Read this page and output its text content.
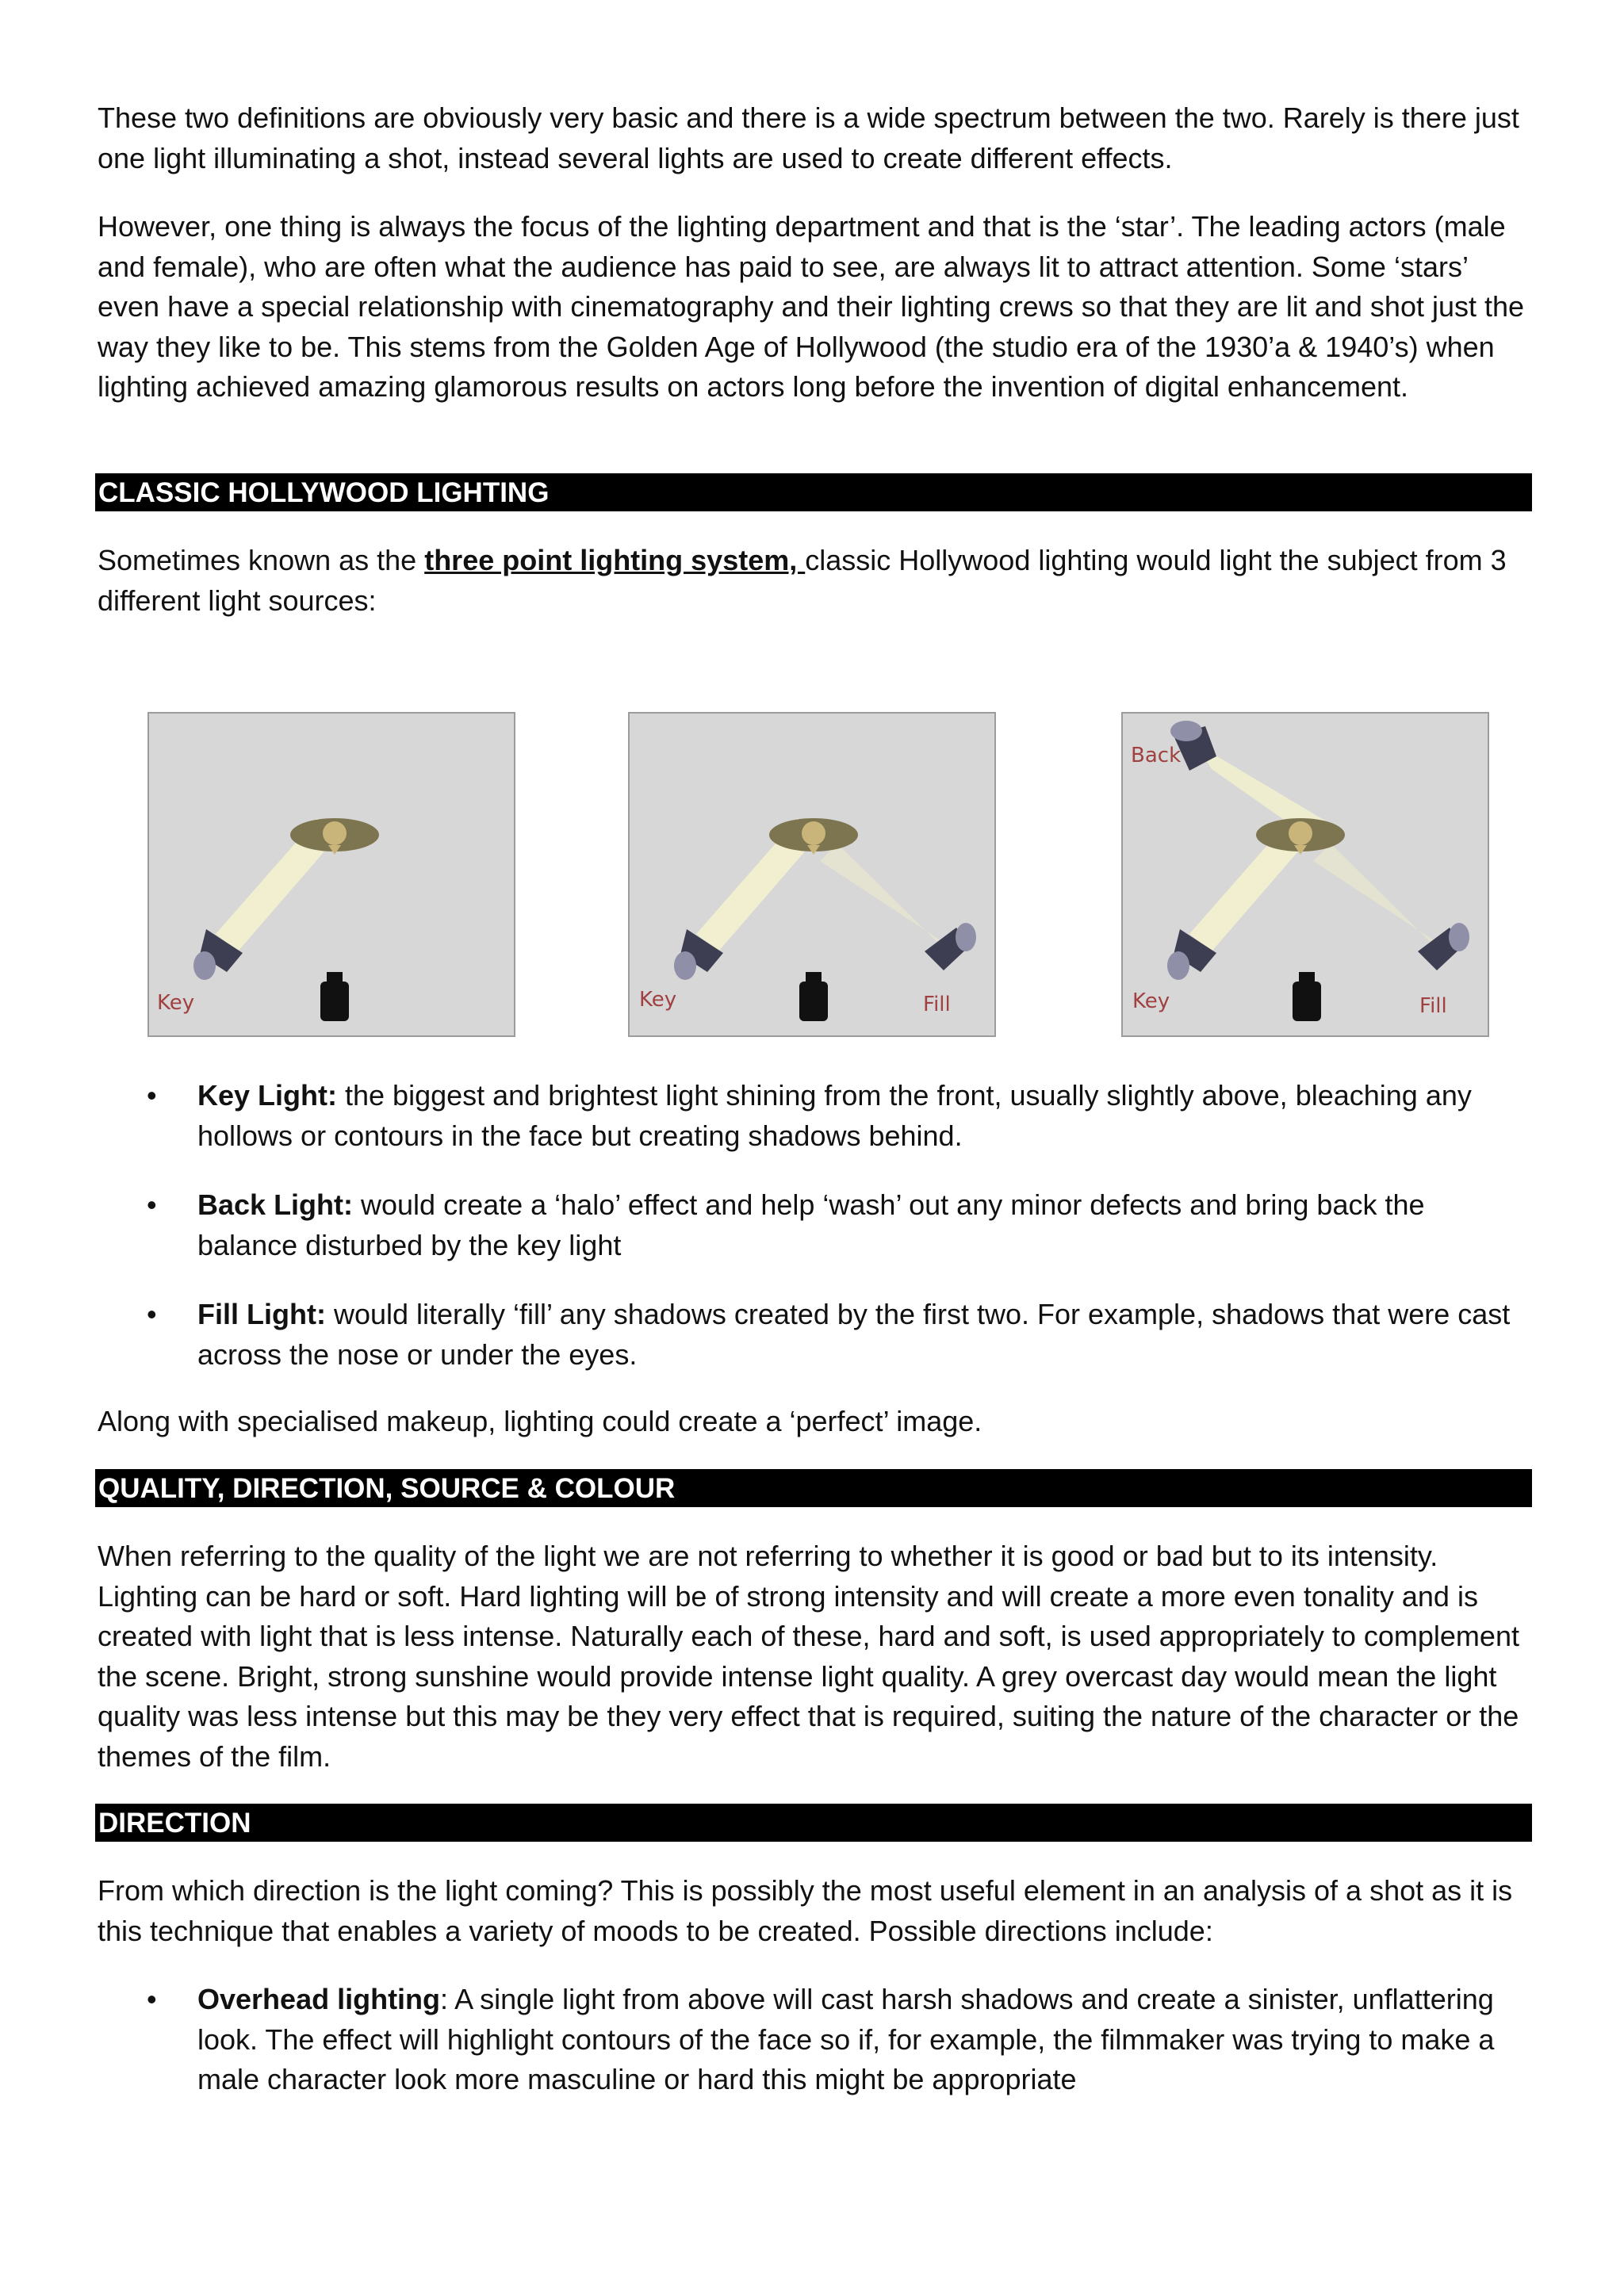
These two definitions are obviously very basic and there is a wide spectrum between the two. Rarely is there just one light illuminating a shot, instead several lights are used to create different effects.

However, one thing is always the focus of the lighting department and that is the ‘star’. The leading actors (male and female), who are often what the audience has paid to see, are always lit to attract attention. Some ‘stars’ even have a special relationship with cinematography and their lighting crews so that they are lit and shot just the way they like to be. This stems from the Golden Age of Hollywood (the studio era of the 1930’a & 1940’s) when lighting achieved amazing glamorous results on actors long before the invention of digital enhancement.

CLASSIC HOLLYWOOD LIGHTING

Sometimes known as the three point lighting system, classic Hollywood lighting would light the subject from 3 different light sources:

Key	Key	Fill
Back
Key	Fill
• Key Light: the biggest and brightest light shining from the front, usually slightly above, bleaching any hollows or contours in the face but creating shadows behind.
• Back Light: would create a ‘halo’ effect and help ‘wash’ out any minor defects and bring back the balance disturbed by the key light
• Fill Light: would literally ‘fill’ any shadows created by the first two. For example, shadows that were cast across the nose or under the eyes.

Along with specialised makeup, lighting could create a ‘perfect’ image.

QUALITY, DIRECTION, SOURCE & COLOUR

When referring to the quality of the light we are not referring to whether it is good or bad but to its intensity. Lighting can be hard or soft. Hard lighting will be of strong intensity and will create a more even tonality and is created with light that is less intense. Naturally each of these, hard and soft, is used appropriately to complement the scene. Bright, strong sunshine would provide intense light quality. A grey overcast day would mean the light quality was less intense but this may be they very effect that is required, suiting the nature of the character or the themes of the film.

DIRECTION

From which direction is the light coming? This is possibly the most useful element in an analysis of a shot as it is this technique that enables a variety of moods to be created. Possible directions include:

• Overhead lighting: A single light from above will cast harsh shadows and create a sinister, unflattering look. The effect will highlight contours of the face so if, for example, the filmmaker was trying to make a male character look more masculine or hard this might be appropriate
